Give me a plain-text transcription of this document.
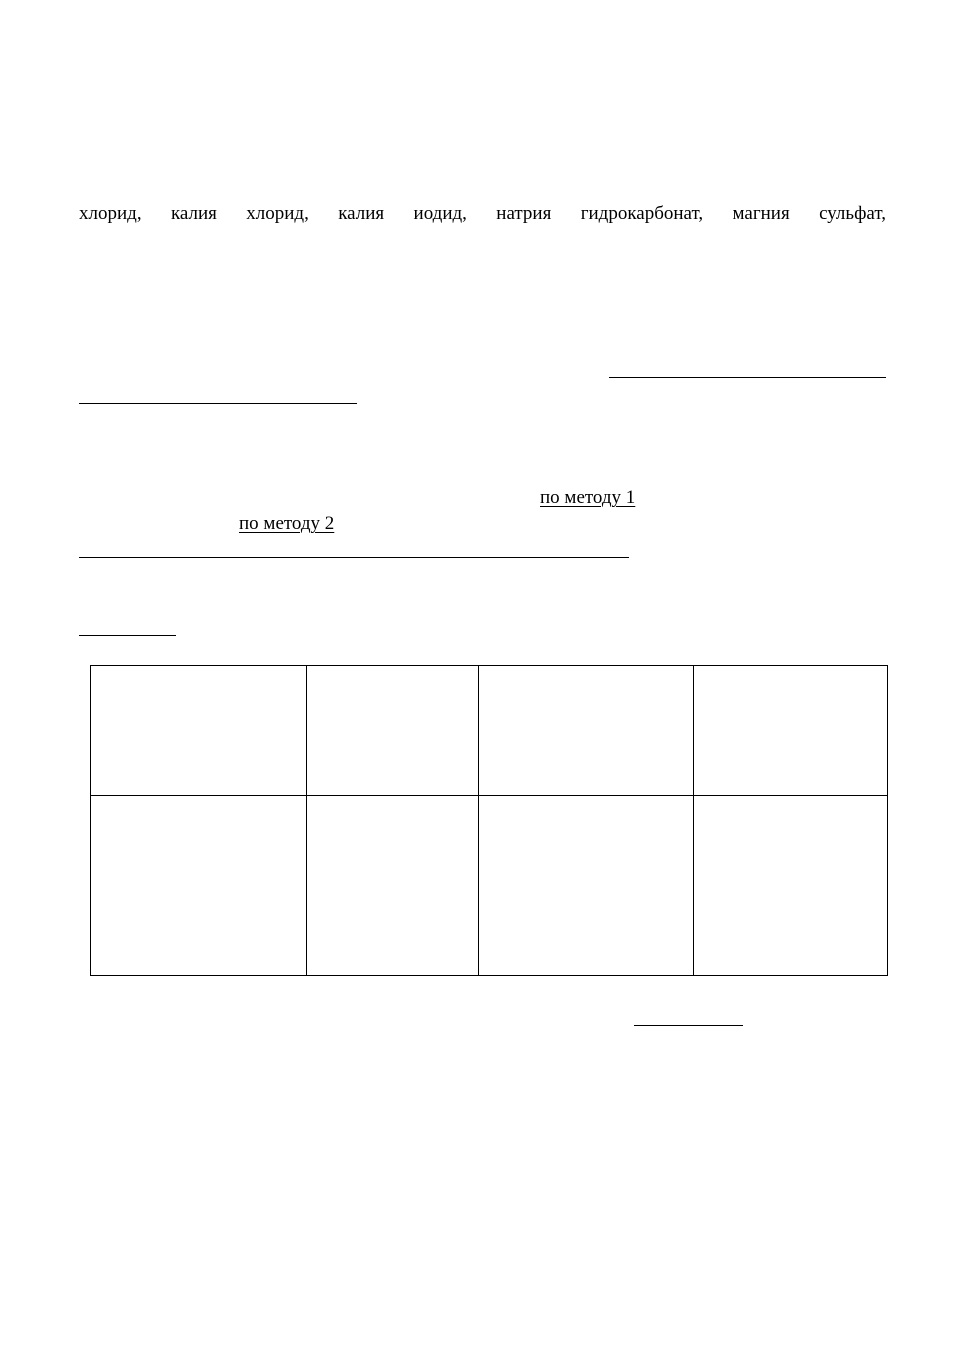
хлорид, калия хлорид, калия иодид, натрия гидрокарбонат, магния сульфат,
по методу 1
по методу 2
